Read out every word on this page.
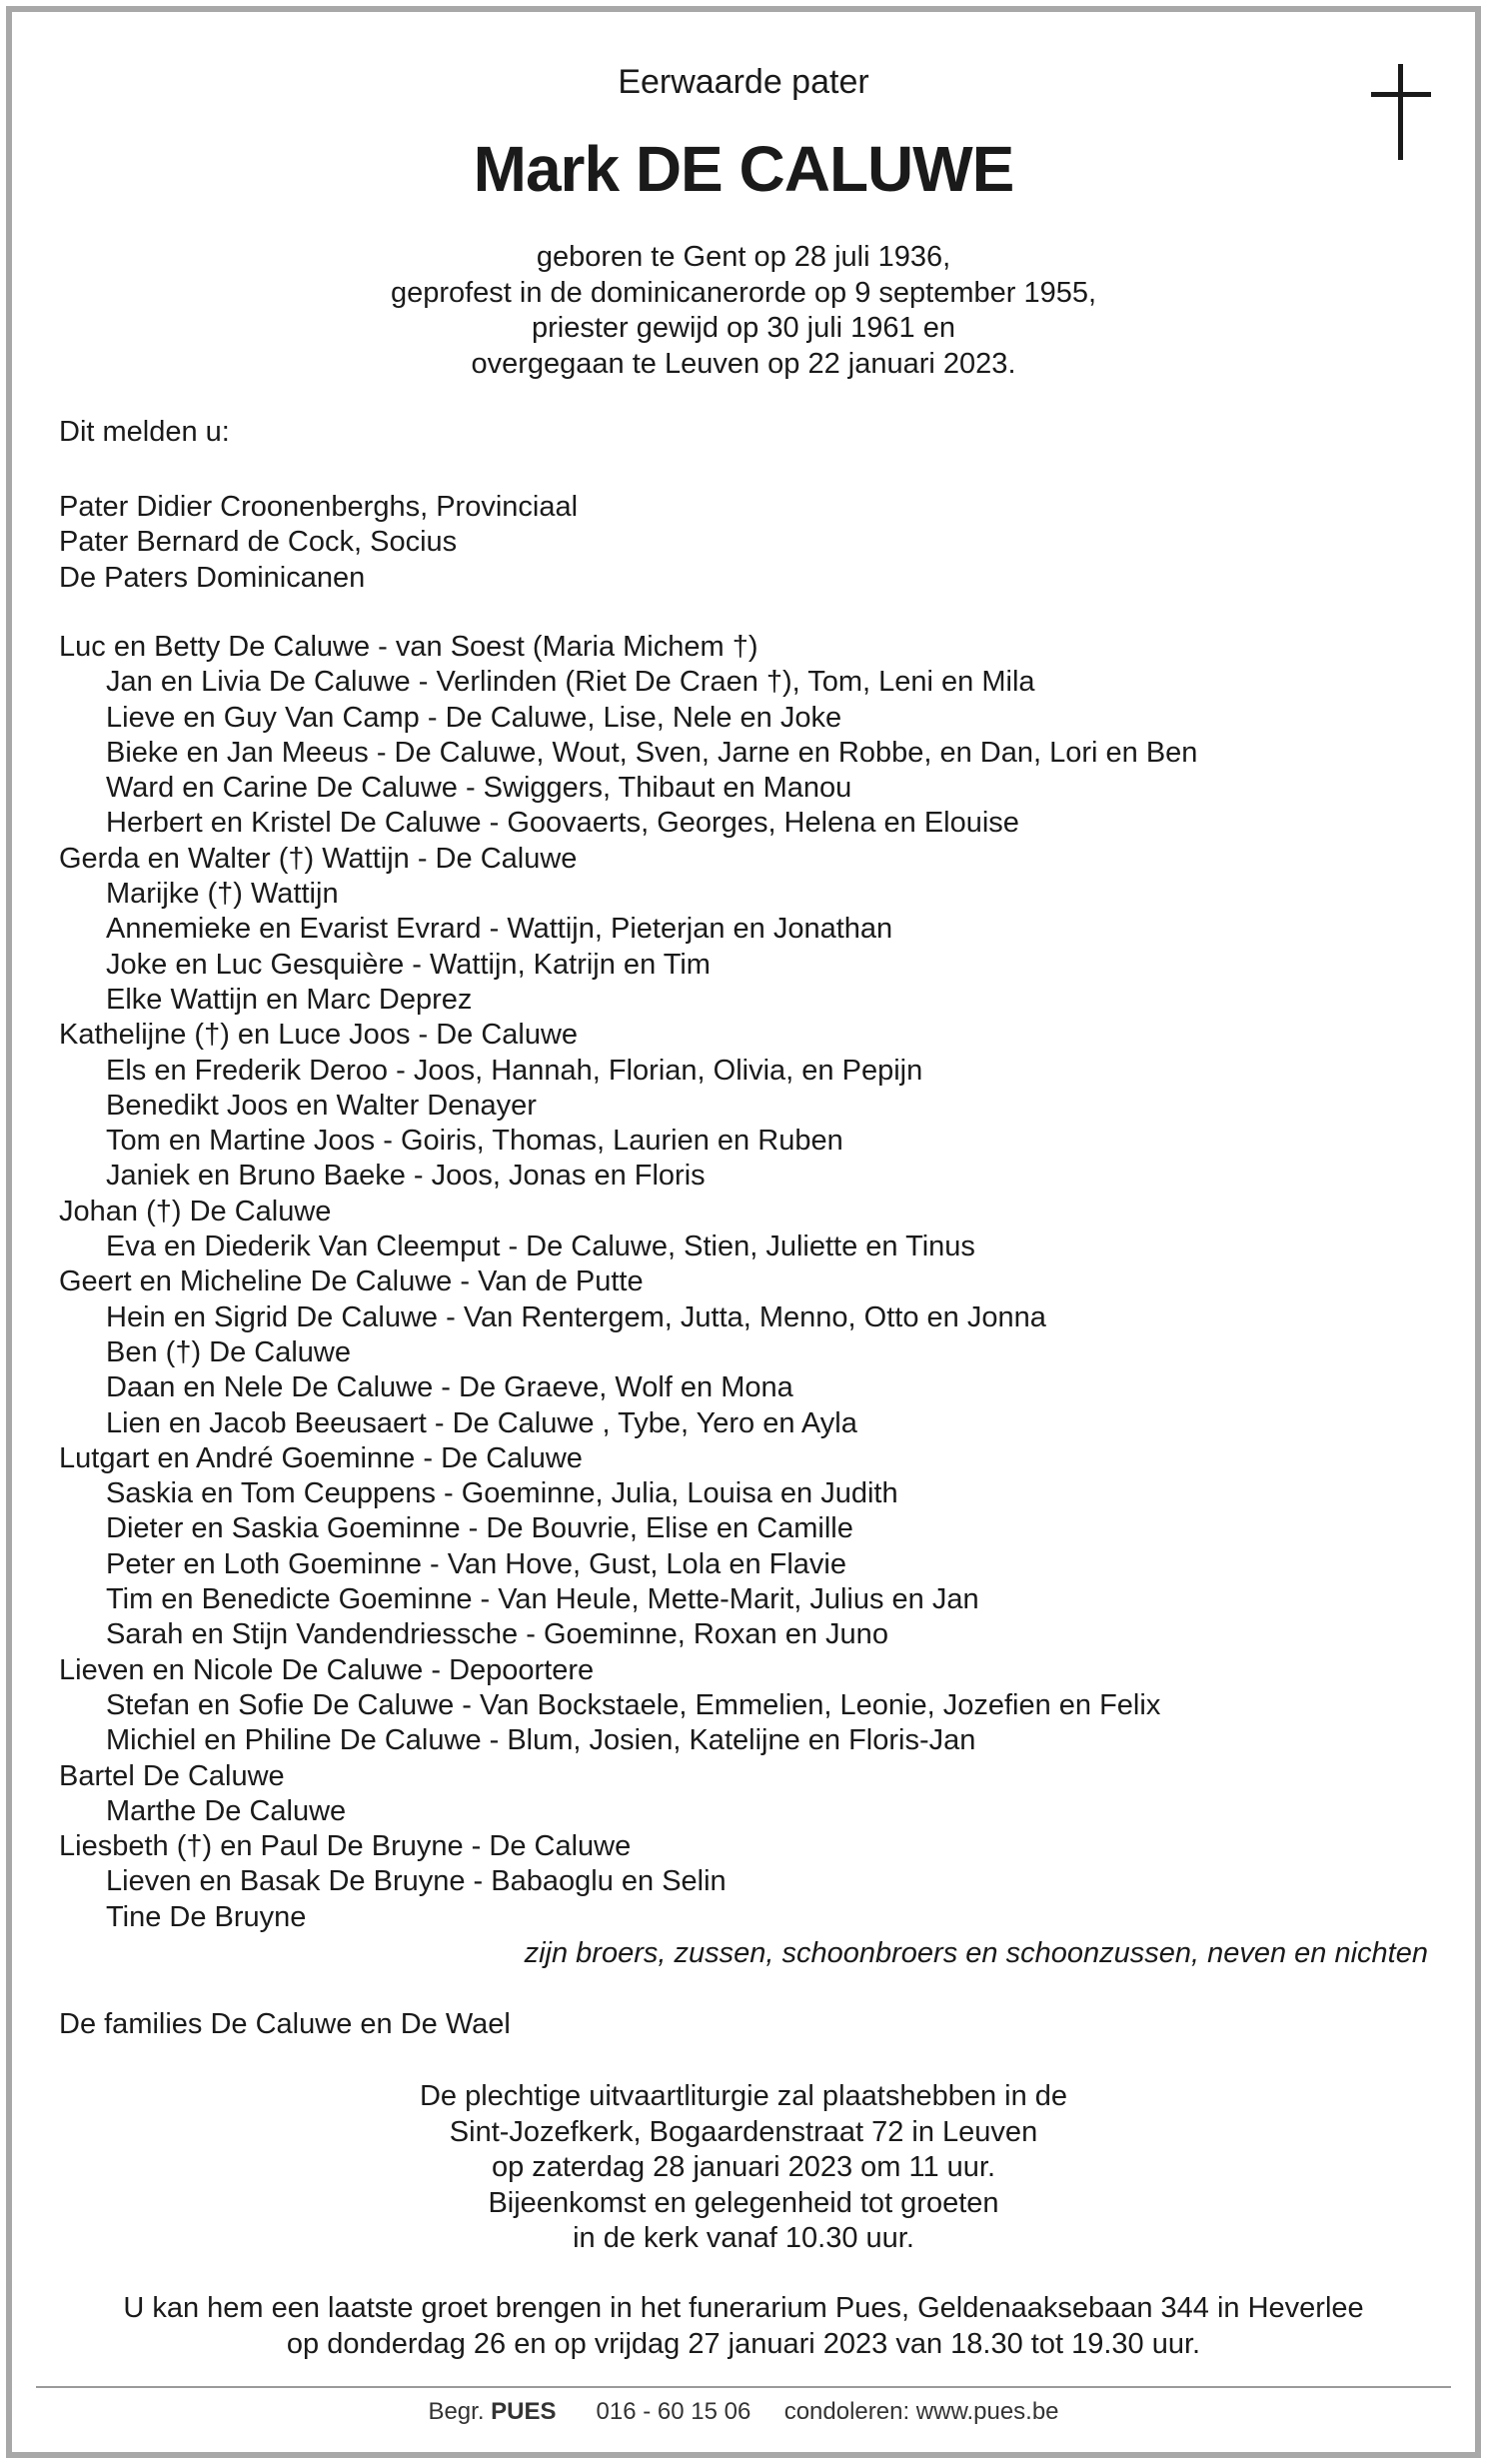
Eerwaarde pater
Mark DE CALUWE
geboren te Gent op 28 juli 1936,
geprofest in de dominicanerorde op 9 september 1955,
priester gewijd op 30 juli 1961 en
overgegaan te Leuven op 22 januari 2023.
Dit melden u:
Pater Didier Croonenberghs, Provinciaal
Pater Bernard de Cock, Socius
De Paters Dominicanen
Luc en Betty De Caluwe - van Soest (Maria Michem †)
Jan en Livia De Caluwe - Verlinden (Riet De Craen †), Tom, Leni en Mila
Lieve en Guy Van Camp - De Caluwe, Lise, Nele en Joke
Bieke en Jan Meeus - De Caluwe, Wout, Sven, Jarne en Robbe, en Dan, Lori en Ben
Ward en Carine De Caluwe - Swiggers, Thibaut en Manou
Herbert en Kristel De Caluwe - Goovaerts, Georges, Helena en Elouise
Gerda en Walter (†) Wattijn - De Caluwe
Marijke (†) Wattijn
Annemieke en Evarist Evrard - Wattijn, Pieterjan en Jonathan
Joke en Luc Gesquière - Wattijn, Katrijn en Tim
Elke Wattijn en Marc Deprez
Kathelijne (†) en Luce Joos - De Caluwe
Els en Frederik Deroo - Joos, Hannah, Florian, Olivia, en Pepijn
Benedikt Joos en Walter Denayer
Tom en Martine Joos - Goiris, Thomas, Laurien en Ruben
Janiek en Bruno Baeke - Joos, Jonas en Floris
Johan (†) De Caluwe
Eva en Diederik Van Cleemput - De Caluwe, Stien, Juliette en Tinus
Geert en Micheline De Caluwe - Van de Putte
Hein en Sigrid De Caluwe - Van Rentergem, Jutta, Menno, Otto en Jonna
Ben (†) De Caluwe
Daan en Nele De Caluwe - De Graeve, Wolf en Mona
Lien en Jacob Beeusaert - De Caluwe , Tybe, Yero en Ayla
Lutgart en André Goeminne - De Caluwe
Saskia en Tom Ceuppens - Goeminne, Julia, Louisa en Judith
Dieter en Saskia Goeminne - De Bouvrie, Elise en Camille
Peter en Loth Goeminne - Van Hove, Gust, Lola en Flavie
Tim en Benedicte Goeminne - Van Heule, Mette-Marit, Julius en Jan
Sarah en Stijn Vandendriessche - Goeminne, Roxan en Juno
Lieven en Nicole De Caluwe - Depoortere
Stefan en Sofie De Caluwe - Van Bockstaele, Emmelien, Leonie, Jozefien en Felix
Michiel en Philine De Caluwe - Blum, Josien, Katelijne en Floris-Jan
Bartel De Caluwe
Marthe De Caluwe
Liesbeth (†) en Paul De Bruyne - De Caluwe
Lieven en Basak De Bruyne - Babaoglu en Selin
Tine De Bruyne
zijn broers, zussen, schoonbroers en schoonzussen, neven en nichten
De families De Caluwe en De Wael
De plechtige uitvaartliturgie zal plaatshebben in de
Sint-Jozefkerk, Bogaardenstraat 72 in Leuven
op zaterdag 28 januari 2023 om 11 uur.
Bijeenkomst en gelegenheid tot groeten
in de kerk vanaf 10.30 uur.
U kan hem een laatste groet brengen in het funerarium Pues, Geldenaaksebaan 344 in Heverlee
op donderdag 26 en op vrijdag 27 januari 2023 van 18.30 tot 19.30 uur.
Begr. PUES 016 - 60 15 06 condoleren: www.pues.be
